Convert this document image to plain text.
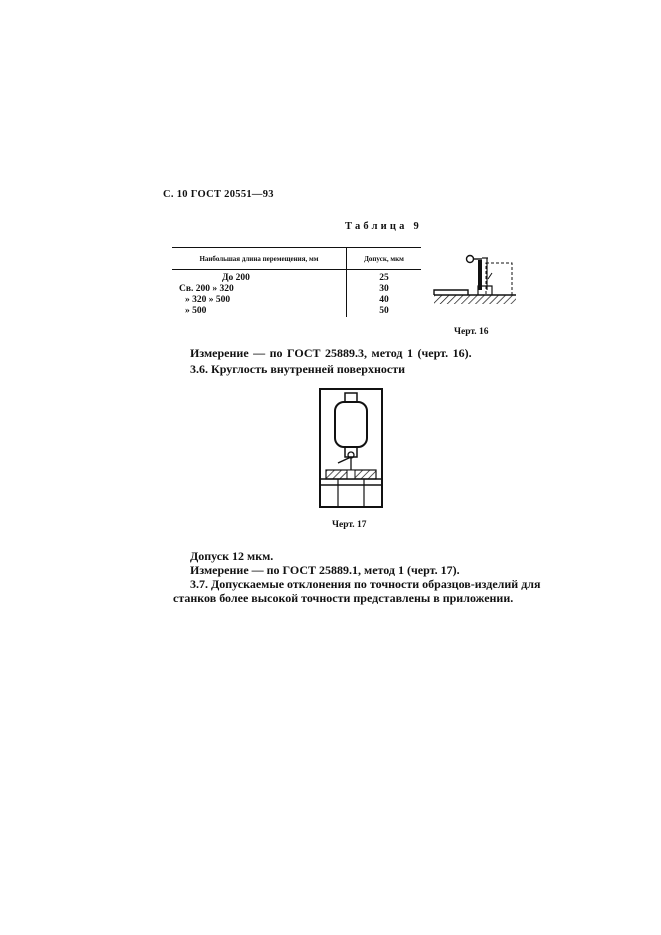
С. 10 ГОСТ 20551—93
Таблица 9
Наибольшая длина перемещения, мм	Допуск, мкм
До 200	25
Св. 200 » 320	30
» 320 » 500	40
» 500	50
Черт. 16
Измерение — по ГОСТ 25889.3, метод 1 (черт. 16).
3.6. Круглость внутренней поверхности
Черт. 17
Допуск 12 мкм.
Измерение — по ГОСТ 25889.1, метод 1 (черт. 17).
3.7. Допускаемые отклонения по точности образцов-изделий для
станков более высокой точности представлены в приложении.
